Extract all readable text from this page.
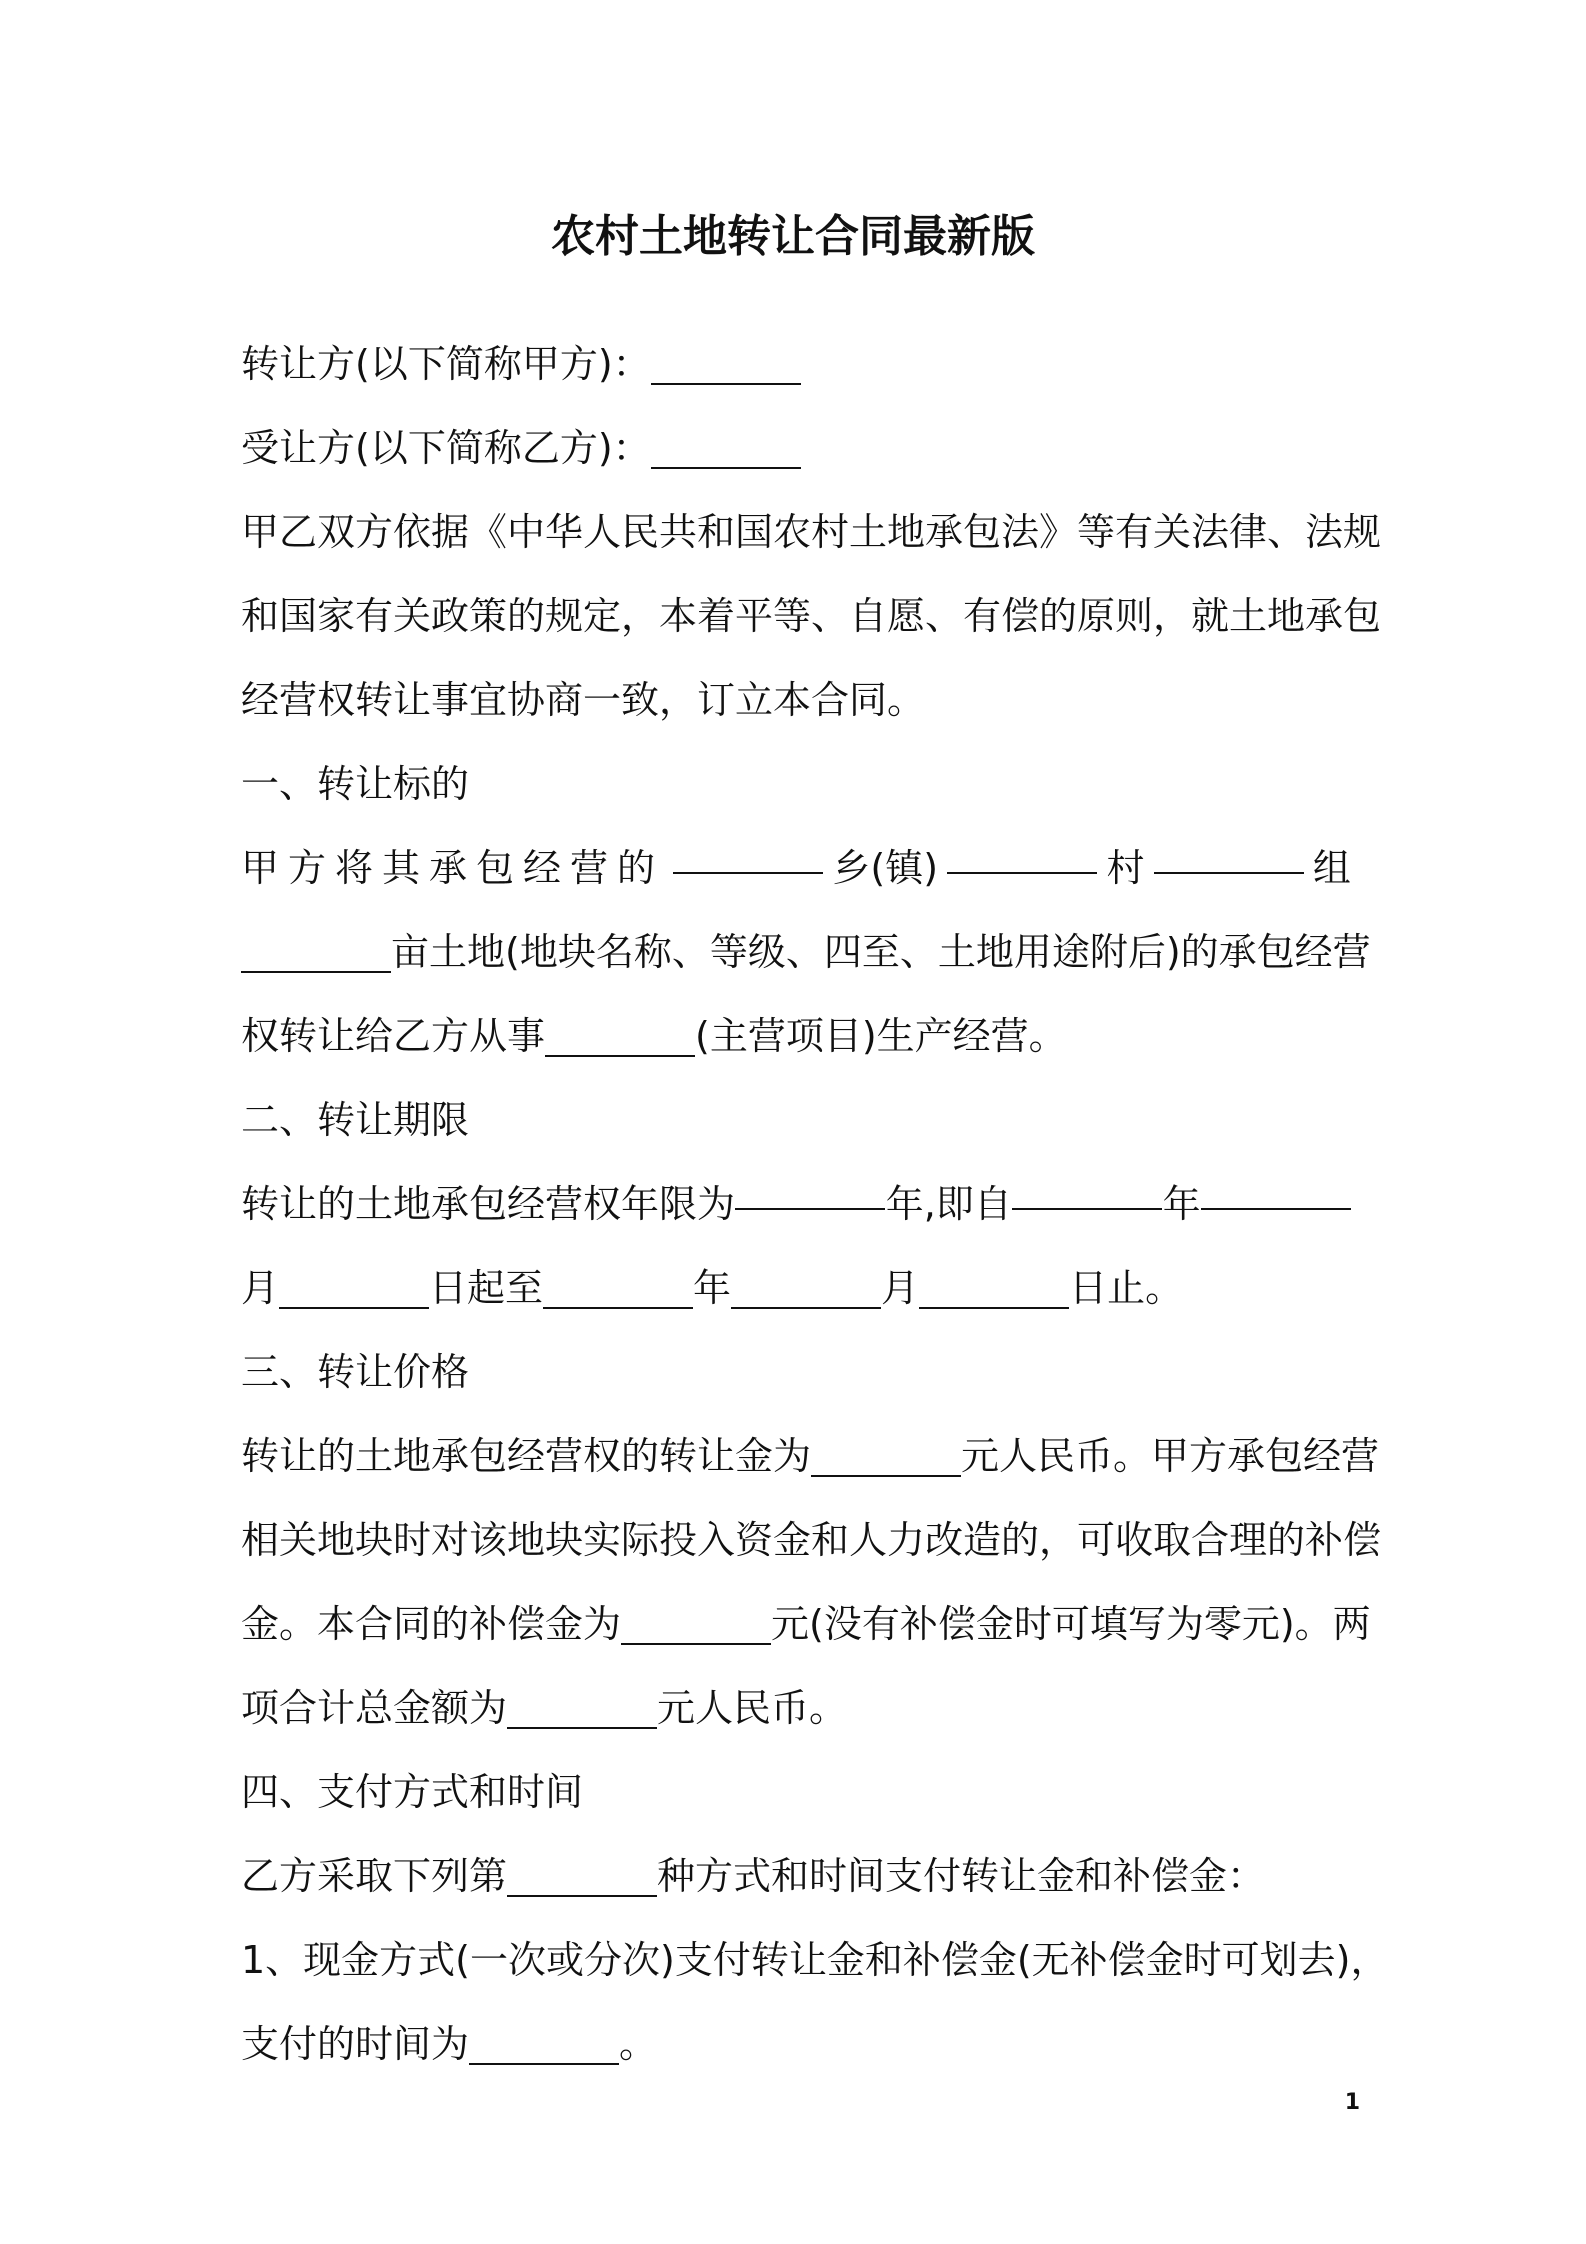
农村土地转让合同最新版
转让方(以下简称甲方)：
受让方(以下简称乙方)：
甲乙双方依据《中华人民共和国农村土地承包法》等有关法律、法规
和国家有关政策的规定，本着平等、自愿、有偿的原则，就土地承包
经营权转让事宜协商一致，订立本合同。
一、转让标的
甲方将其承包经营的	乡(镇)	村	组
亩土地(地块名称、等级、四至、土地用途附后)的承包经营
权转让给乙方从事	(主营项目)生产经营。
二、转让期限
转让的土地承包经营权年限为	年,即自	年
月	日起至	年	月	日止。
三、转让价格
转让的土地承包经营权的转让金为	元人民币。甲方承包经营
相关地块时对该地块实际投入资金和人力改造的，可收取合理的补偿
金。本合同的补偿金为	元(没有补偿金时可填写为零元)。两
项合计总金额为	元人民币。
四、支付方式和时间
乙方采取下列第	种方式和时间支付转让金和补偿金：
1、现金方式(一次或分次)支付转让金和补偿金(无补偿金时可划去)，
支付的时间为	。
1
